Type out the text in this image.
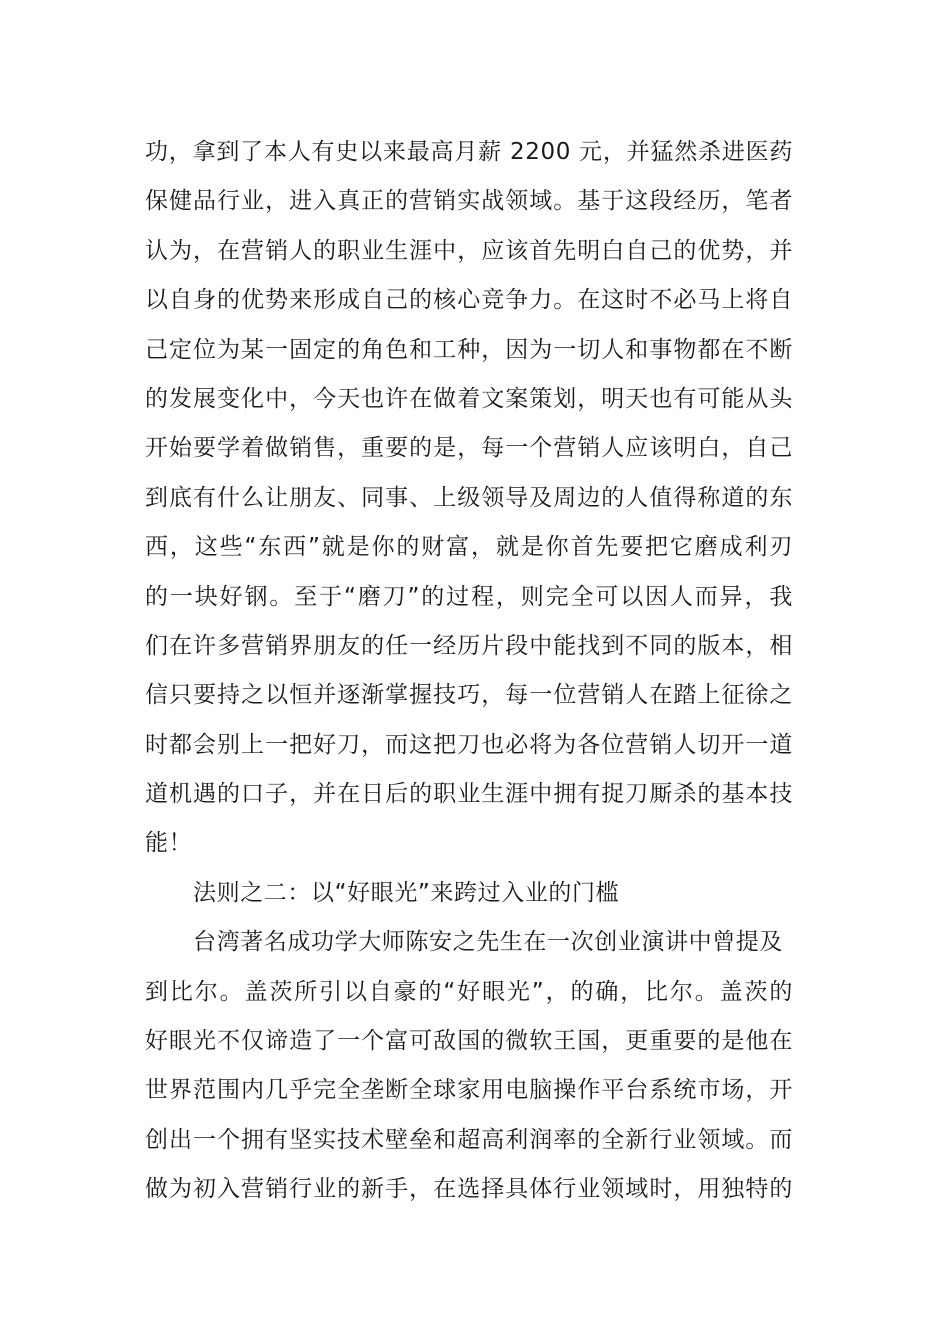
功，拿到了本人有史以来最高月薪 2200 元，并猛然杀进医药
保健品行业，进入真正的营销实战领域。基于这段经历，笔者
认为，在营销人的职业生涯中，应该首先明白自己的优势，并
以自身的优势来形成自己的核心竞争力。在这时不必马上将自
己定位为某一固定的角色和工种，因为一切人和事物都在不断
的发展变化中，今天也许在做着文案策划，明天也有可能从头
开始要学着做销售，重要的是，每一个营销人应该明白，自己
到底有什么让朋友、同事、上级领导及周边的人值得称道的东
西，这些“东西”就是你的财富，就是你首先要把它磨成利刃
的一块好钢。至于“磨刀”的过程，则完全可以因人而异，我
们在许多营销界朋友的任一经历片段中能找到不同的版本，相
信只要持之以恒并逐渐掌握技巧，每一位营销人在踏上征徐之
时都会别上一把好刀，而这把刀也必将为各位营销人切开一道
道机遇的口子，并在日后的职业生涯中拥有捉刀厮杀的基本技
能！
法则之二：以“好眼光”来跨过入业的门槛
台湾著名成功学大师陈安之先生在一次创业演讲中曾提及
到比尔。盖茨所引以自豪的“好眼光”，的确，比尔。盖茨的
好眼光不仅谛造了一个富可敌国的微软王国，更重要的是他在
世界范围内几乎完全垄断全球家用电脑操作平台系统市场，开
创出一个拥有坚实技术壁垒和超高利润率的全新行业领域。而
做为初入营销行业的新手，在选择具体行业领域时，用独特的
